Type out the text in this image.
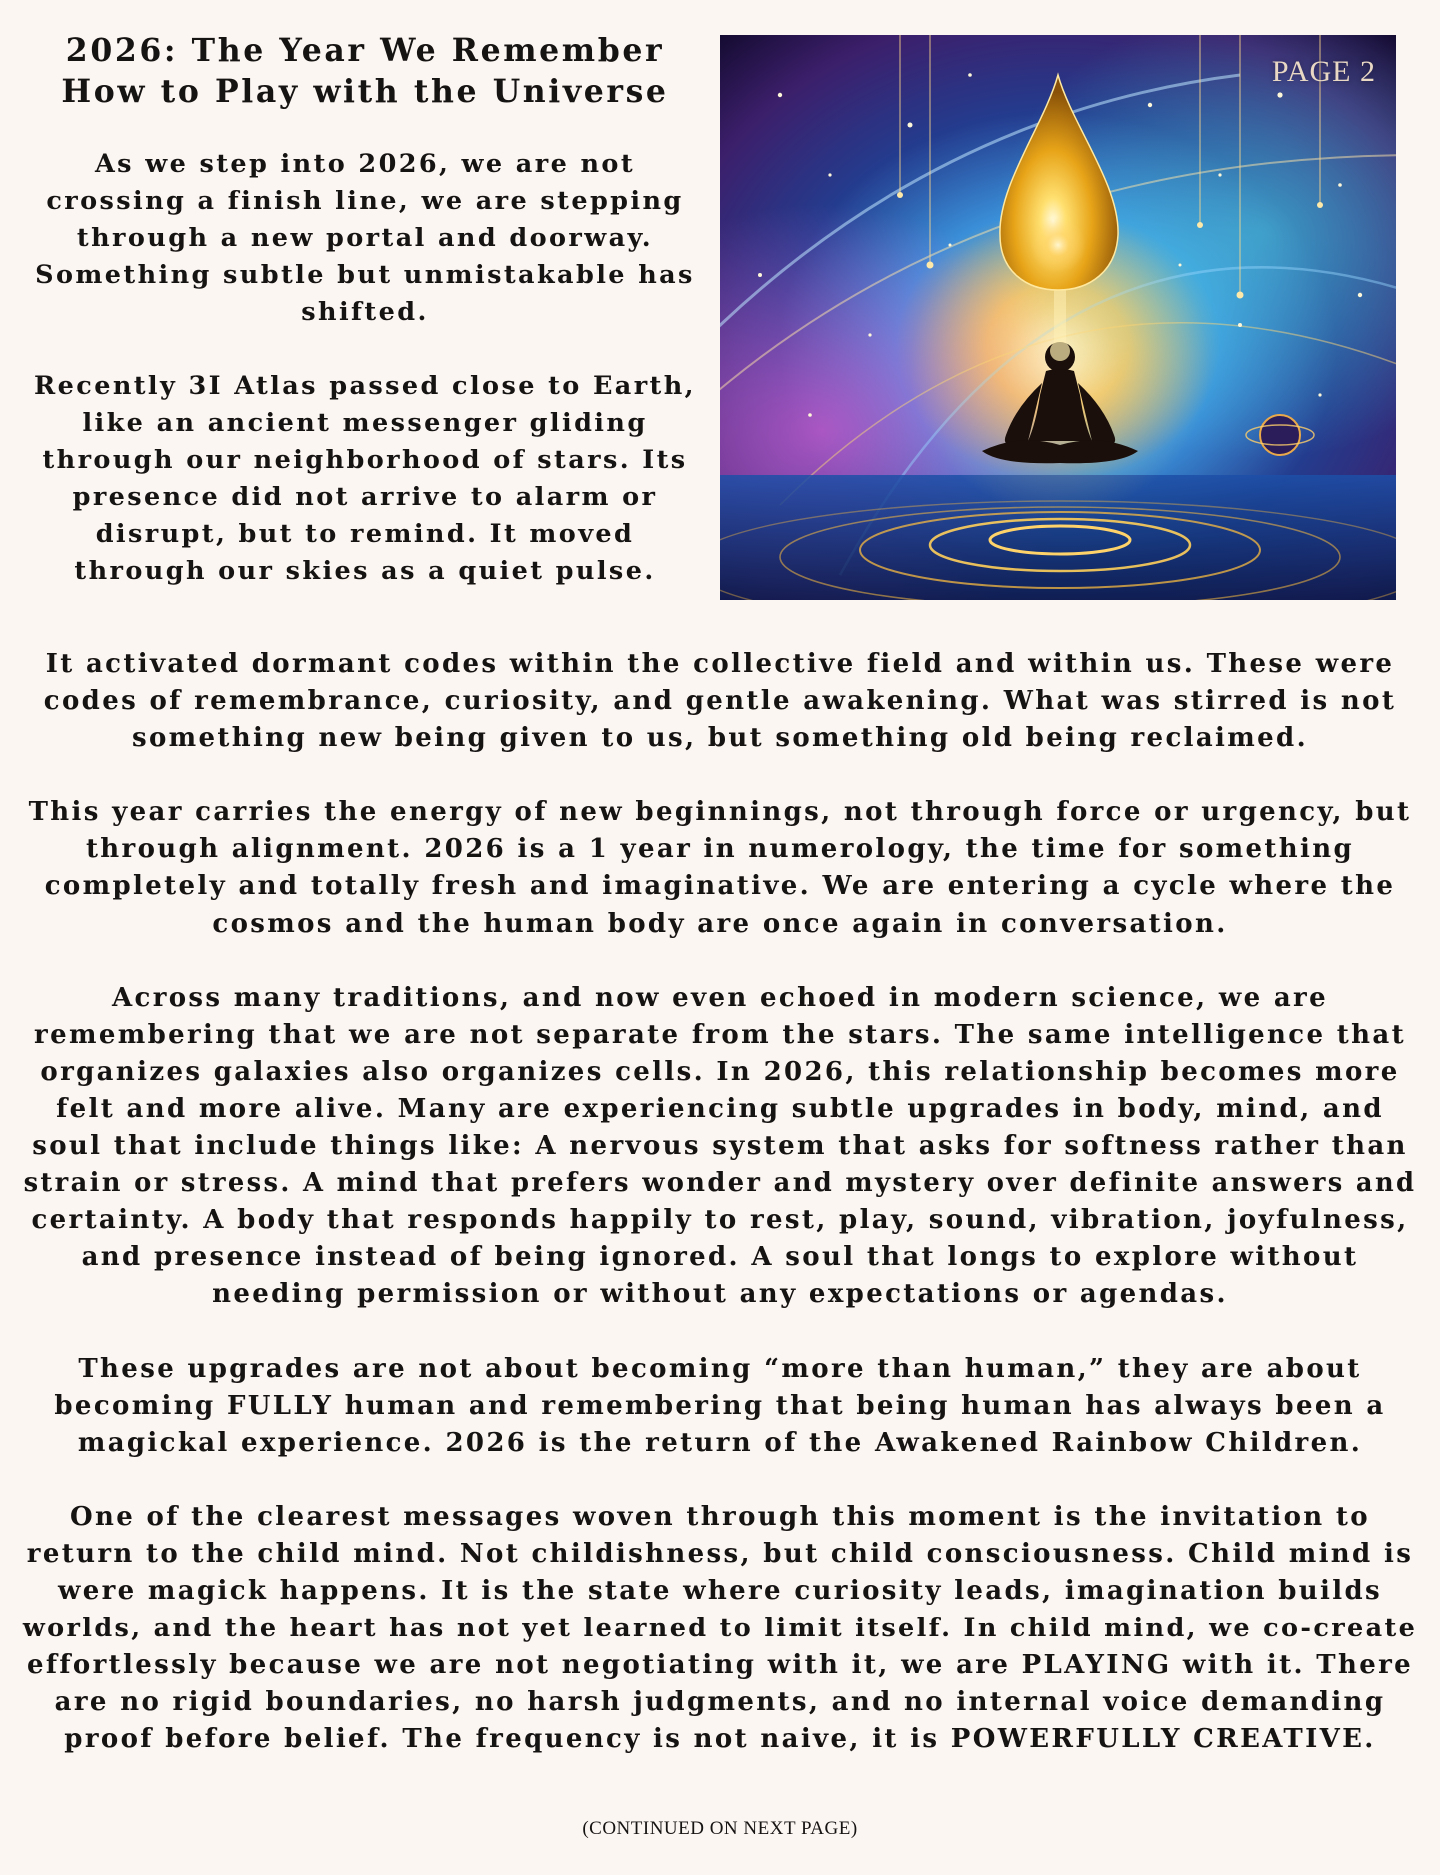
2026: The Year We Remember
How to Play with the Universe
As we step into 2026, we are not
crossing a finish line, we are stepping
through a new portal and doorway.
Something subtle but unmistakable has
shifted.
Recently 3I Atlas passed close to Earth,
like an ancient messenger gliding
through our neighborhood of stars. Its
presence did not arrive to alarm or
disrupt, but to remind. It moved
through our skies as a quiet pulse.
PAGE 2
It activated dormant codes within the collective field and within us. These were
codes of remembrance, curiosity, and gentle awakening. What was stirred is not
something new being given to us, but something old being reclaimed.
This year carries the energy of new beginnings, not through force or urgency, but
through alignment. 2026 is a 1 year in numerology, the time for something
completely and totally fresh and imaginative. We are entering a cycle where the
cosmos and the human body are once again in conversation.
Across many traditions, and now even echoed in modern science, we are
remembering that we are not separate from the stars. The same intelligence that
organizes galaxies also organizes cells. In 2026, this relationship becomes more
felt and more alive. Many are experiencing subtle upgrades in body, mind, and
soul that include things like: A nervous system that asks for softness rather than
strain or stress. A mind that prefers wonder and mystery over definite answers and
certainty. A body that responds happily to rest, play, sound, vibration, joyfulness,
and presence instead of being ignored. A soul that longs to explore without
needing permission or without any expectations or agendas.
These upgrades are not about becoming “more than human,” they are about
becoming FULLY human and remembering that being human has always been a
magickal experience. 2026 is the return of the Awakened Rainbow Children.
One of the clearest messages woven through this moment is the invitation to
return to the child mind. Not childishness, but child consciousness. Child mind is
were magick happens. It is the state where curiosity leads, imagination builds
worlds, and the heart has not yet learned to limit itself. In child mind, we co-create
effortlessly because we are not negotiating with it, we are PLAYING with it. There
are no rigid boundaries, no harsh judgments, and no internal voice demanding
proof before belief. The frequency is not naive, it is POWERFULLY CREATIVE.
(CONTINUED ON NEXT PAGE)
